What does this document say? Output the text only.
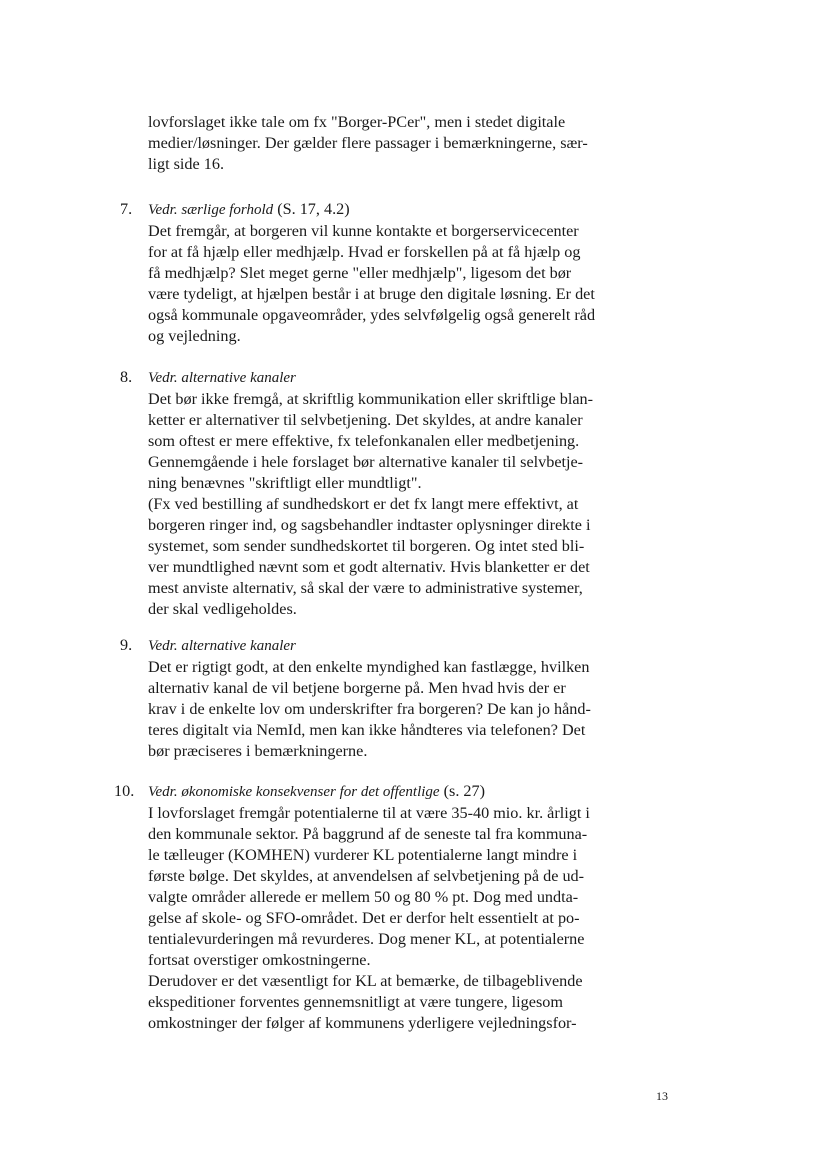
lovforslaget ikke tale om fx "Borger-PCer", men i stedet digitale
medier/løsninger. Der gælder flere passager i bemærkningerne, sær-
ligt side 16.
7. Vedr. særlige forhold (S. 17, 4.2)
Det fremgår, at borgeren vil kunne kontakte et borgerservicecenter
for at få hjælp eller medhjælp. Hvad er forskellen på at få hjælp og
få medhjælp? Slet meget gerne "eller medhjælp", ligesom det bør
være tydeligt, at hjælpen består i at bruge den digitale løsning. Er det
også kommunale opgaveområder, ydes selvfølgelig også generelt råd
og vejledning.
8. Vedr. alternative kanaler
Det bør ikke fremgå, at skriftlig kommunikation eller skriftlige blan-
ketter er alternativer til selvbetjening. Det skyldes, at andre kanaler
som oftest er mere effektive, fx telefonkanalen eller medbetjening.
Gennemgående i hele forslaget bør alternative kanaler til selvbetje-
ning benævnes "skriftligt eller mundtligt".
(Fx ved bestilling af sundhedskort er det fx langt mere effektivt, at
borgeren ringer ind, og sagsbehandler indtaster oplysninger direkte i
systemet, som sender sundhedskortet til borgeren. Og intet sted bli-
ver mundtlighed nævnt som et godt alternativ. Hvis blanketter er det
mest anviste alternativ, så skal der være to administrative systemer,
der skal vedligeholdes.
9. Vedr. alternative kanaler
Det er rigtigt godt, at den enkelte myndighed kan fastlægge, hvilken
alternativ kanal de vil betjene borgerne på. Men hvad hvis der er
krav i de enkelte lov om underskrifter fra borgeren? De kan jo hånd-
teres digitalt via NemId, men kan ikke håndteres via telefonen? Det
bør præciseres i bemærkningerne.
10. Vedr. økonomiske konsekvenser for det offentlige (s. 27)
I lovforslaget fremgår potentialerne til at være 35-40 mio. kr. årligt i
den kommunale sektor. På baggrund af de seneste tal fra kommuna-
le tælleuger (KOMHEN) vurderer KL potentialerne langt mindre i
første bølge. Det skyldes, at anvendelsen af selvbetjening på de ud-
valgte områder allerede er mellem 50 og 80 % pt. Dog med undta-
gelse af skole- og SFO-området. Det er derfor helt essentielt at po-
tentialevurderingen må revurderes. Dog mener KL, at potentialerne
fortsat overstiger omkostningerne.
Derudover er det væsentligt for KL at bemærke, de tilbageblivende
ekspeditioner forventes gennemsnitligt at være tungere, ligesom
omkostninger der følger af kommunens yderligere vejledningsfor-
13
